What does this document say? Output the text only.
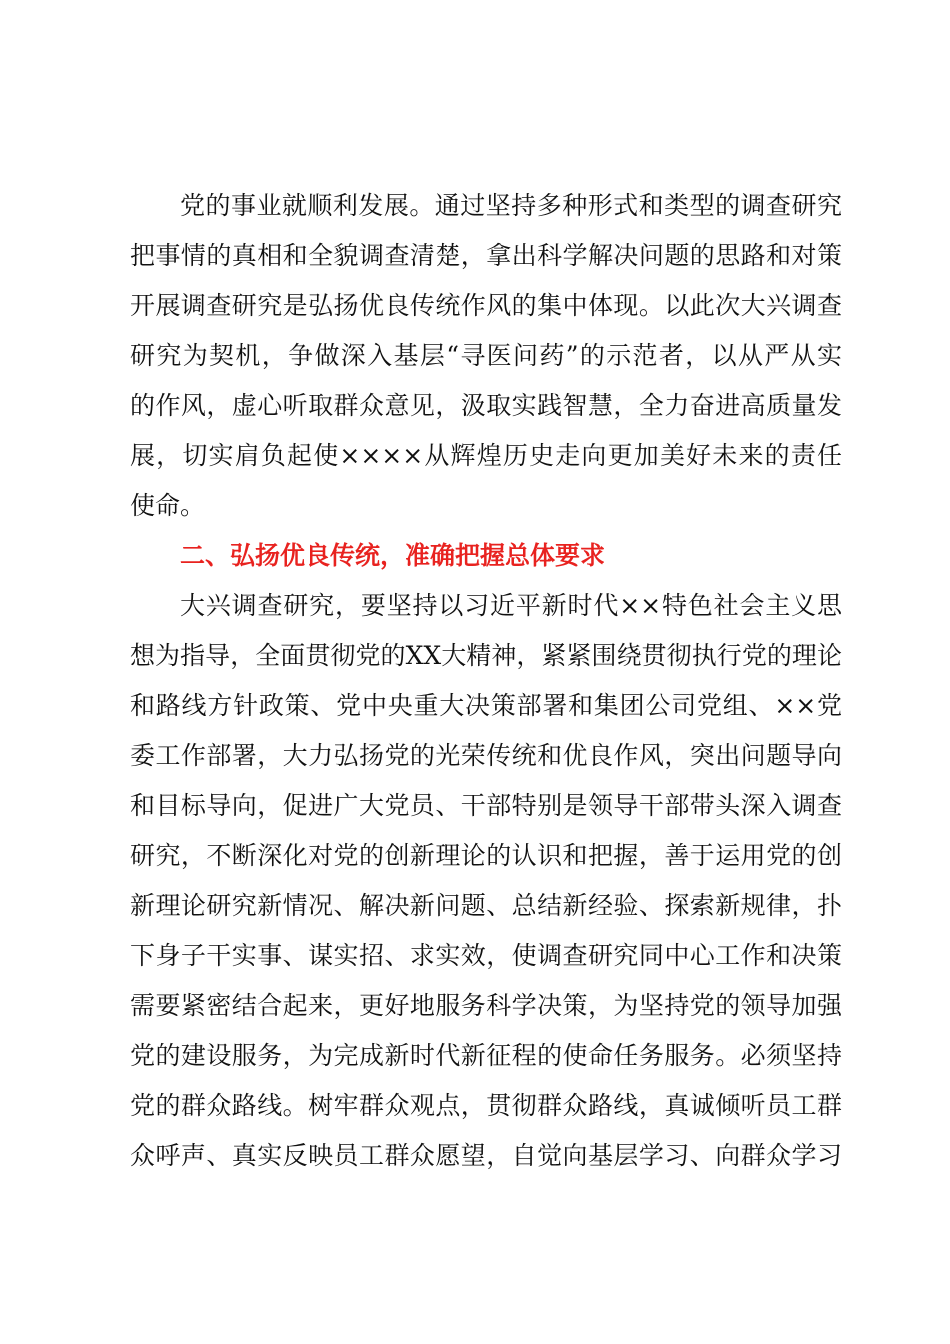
党的事业就顺利发展。通过坚持多种形式和类型的调查研究
把事情的真相和全貌调查清楚，拿出科学解决问题的思路和对策
开展调查研究是弘扬优良传统作风的集中体现。以此次大兴调查
研究为契机，争做深入基层“寻医问药”的示范者，以从严从实
的作风，虚心听取群众意见，汲取实践智慧，全力奋进高质量发
展，切实肩负起使××××从辉煌历史走向更加美好未来的责任
使命。
二、弘扬优良传统，准确把握总体要求
大兴调查研究，要坚持以习近平新时代××特色社会主义思
想为指导，全面贯彻党的XX大精神，紧紧围绕贯彻执行党的理论
和路线方针政策、党中央重大决策部署和集团公司党组、××党
委工作部署，大力弘扬党的光荣传统和优良作风，突出问题导向
和目标导向，促进广大党员、干部特别是领导干部带头深入调查
研究，不断深化对党的创新理论的认识和把握，善于运用党的创
新理论研究新情况、解决新问题、总结新经验、探索新规律，扑
下身子干实事、谋实招、求实效，使调查研究同中心工作和决策
需要紧密结合起来，更好地服务科学决策，为坚持党的领导加强
党的建设服务，为完成新时代新征程的使命任务服务。必须坚持
党的群众路线。树牢群众观点，贯彻群众路线，真诚倾听员工群
众呼声、真实反映员工群众愿望，自觉向基层学习、向群众学习
